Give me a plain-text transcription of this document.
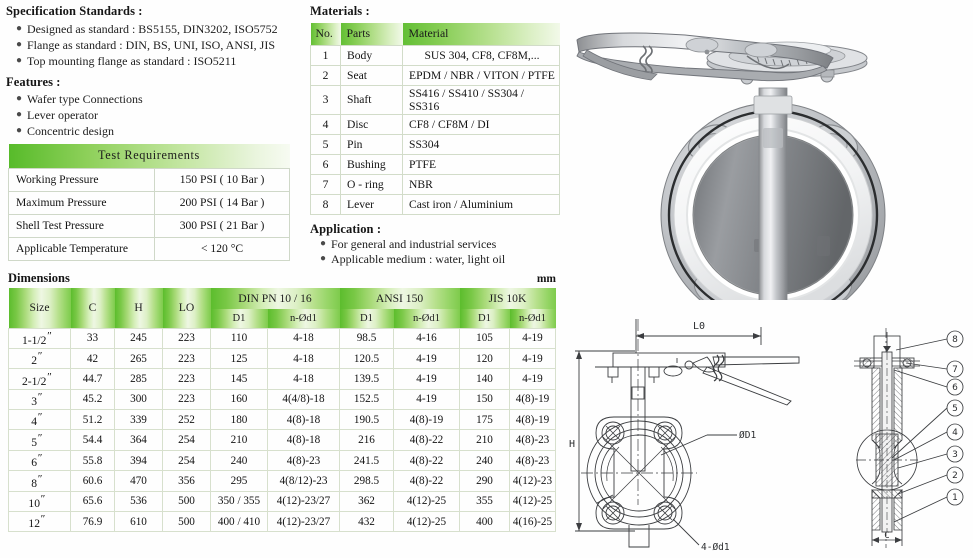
Specification Standards :
● Designed as standard : BS5155, DIN3202, ISO5752
● Flange as standard : DIN, BS, UNI, ISO, ANSI, JIS
● Top mounting flange as standard : ISO5211
Features :
● Wafer type Connections
● Lever operator
● Concentric design
Test Requirements	
Working Pressure	150 PSI ( 10 Bar )
Maximum Pressure	200 PSI ( 14 Bar )
Shell Test Pressure	300 PSI ( 21 Bar )
Applicable Temperature	< 120 °C
Materials :
No.	Parts	Material
1	Body	SUS 304, CF8, CF8M,...
2	Seat	EPDM / NBR / VITON / PTFE
3	Shaft	SS416 / SS410 / SS304 / SS316
4	Disc	CF8 / CF8M / DI
5	Pin	SS304
6	Bushing	PTFE
7	O - ring	NBR
8	Lever	Cast iron / Aluminium
Application :
● For general and industrial services
● Applicable medium : water, light oil
Dimensions	mm
Size	C	H	LO	DIN PN 10 / 16		ANSI 150		JIS 10K	
				D1	n-Ød1	D1	n-Ød1	D1	n-Ød1
1-1/2″	33	245	223	110	4-18	98.5	4-16	105	4-19
2″	42	265	223	125	4-18	120.5	4-19	120	4-19
2-1/2″	44.7	285	223	145	4-18	139.5	4-19	140	4-19
3″	45.2	300	223	160	4(4/8)-18	152.5	4-19	150	4(8)-19
4″	51.2	339	252	180	4(8)-18	190.5	4(8)-19	175	4(8)-19
5″	54.4	364	254	210	4(8)-18	216	4(8)-22	210	4(8)-23
6″	55.8	394	254	240	4(8)-23	241.5	4(8)-22	240	4(8)-23
8″	60.6	470	356	295	4(8/12)-23	298.5	4(8)-22	290	4(12)-23
10″	65.6	536	500	350 / 355	4(12)-23/27	362	4(12)-25	355	4(12)-25
12″	76.9	610	500	400 / 410	4(12)-23/27	432	4(12)-25	400	4(16)-25
L0
H
ØD1
4-Ød1
8
7
6
5
4
3
2
1
C
